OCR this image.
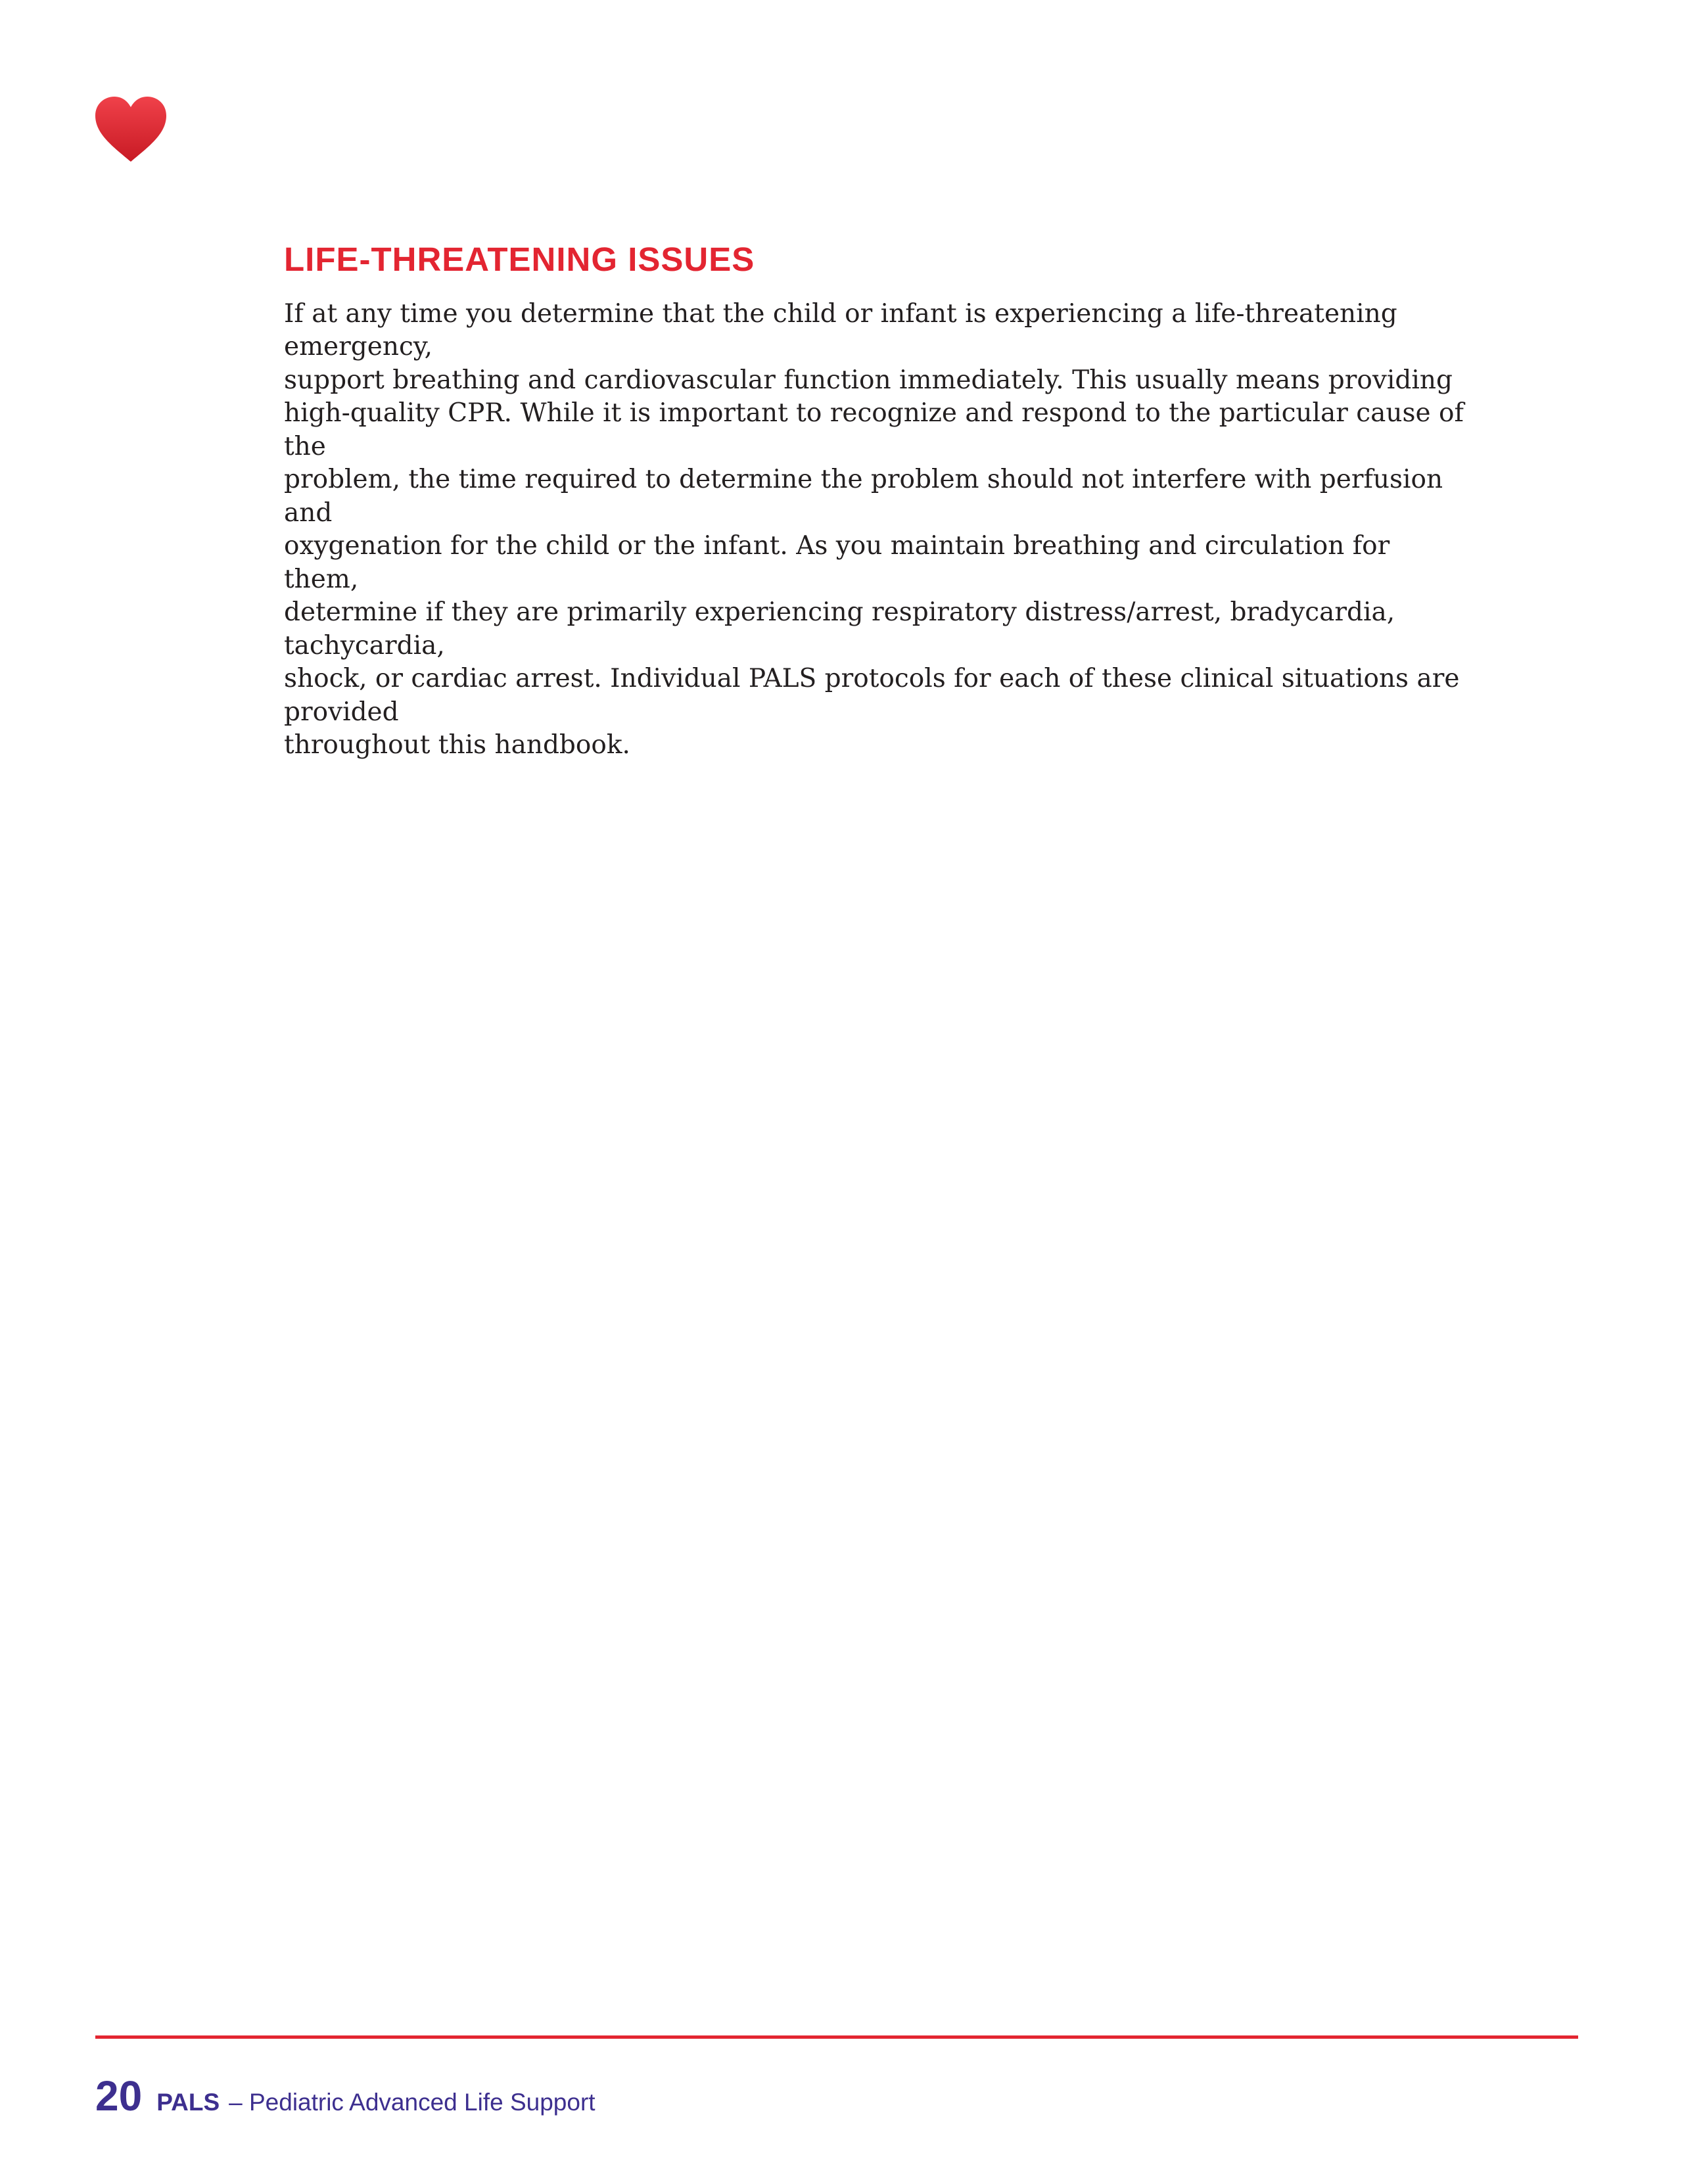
LIFE-THREATENING ISSUES

If at any time you determine that the child or infant is experiencing a life-threatening emergency,
support breathing and cardiovascular function immediately. This usually means providing
high-quality CPR. While it is important to recognize and respond to the particular cause of the
problem, the time required to determine the problem should not interfere with perfusion and
oxygenation for the child or the infant. As you maintain breathing and circulation for them,
determine if they are primarily experiencing respiratory distress/arrest, bradycardia, tachycardia,
shock, or cardiac arrest. Individual PALS protocols for each of these clinical situations are provided
throughout this handbook.

20 PALS – Pediatric Advanced Life Support
